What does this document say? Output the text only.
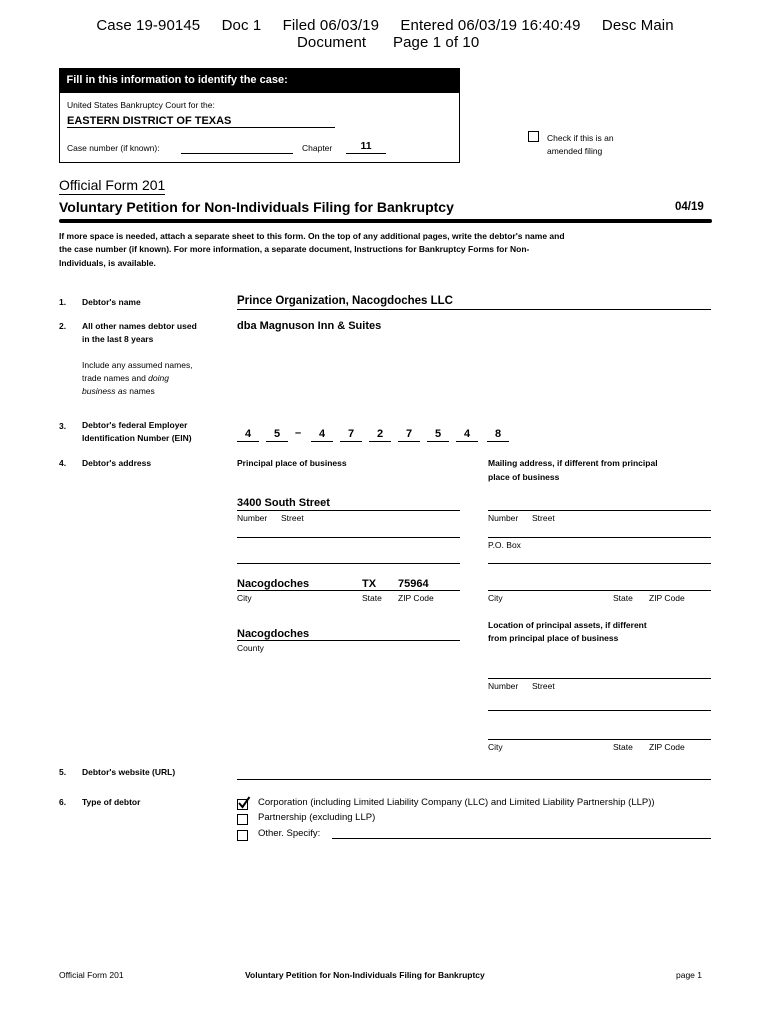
Case 19-90145     Doc 1     Filed 06/03/19     Entered 06/03/19 16:40:49     Desc Main
Document Page 1 of 10
Fill in this information to identify the case:
United States Bankruptcy Court for the:
EASTERN DISTRICT OF TEXAS
Case number (if known):	Chapter	11
Check if this is an
amended filing
Official Form 201
Voluntary Petition for Non-Individuals Filing for Bankruptcy	04/19
If more space is needed, attach a separate sheet to this form. On the top of any additional pages, write the debtor's name and
the case number (if known). For more information, a separate document, Instructions for Bankruptcy Forms for Non-
Individuals, is available.
1. Debtor's name	Prince Organization, Nacogdoches LLC
2. All other names debtor used
in the last 8 years
dba Magnuson Inn & Suites
Include any assumed names,
trade names and doing
business as names
3. Debtor's federal Employer
Identification Number (EIN)	4	5	–	4	7	2	7	5	4	8
4. Debtor's address	Principal place of business	Mailing address, if different from principal
place of business
3400 South Street
Number Street	Number Street
P.O. Box
Nacogdoches	TX 75964
City	State ZIP Code	City	State ZIP Code
Nacogdoches
County
Location of principal assets, if different
from principal place of business
Number Street
City	State ZIP Code
5. Debtor's website (URL)
6. Type of debtor	Corporation (including Limited Liability Company (LLC) and Limited Liability Partnership (LLP))
Partnership (excluding LLP)
Other. Specify:
Official Form 201	Voluntary Petition for Non-Individuals Filing for Bankruptcy	page 1
